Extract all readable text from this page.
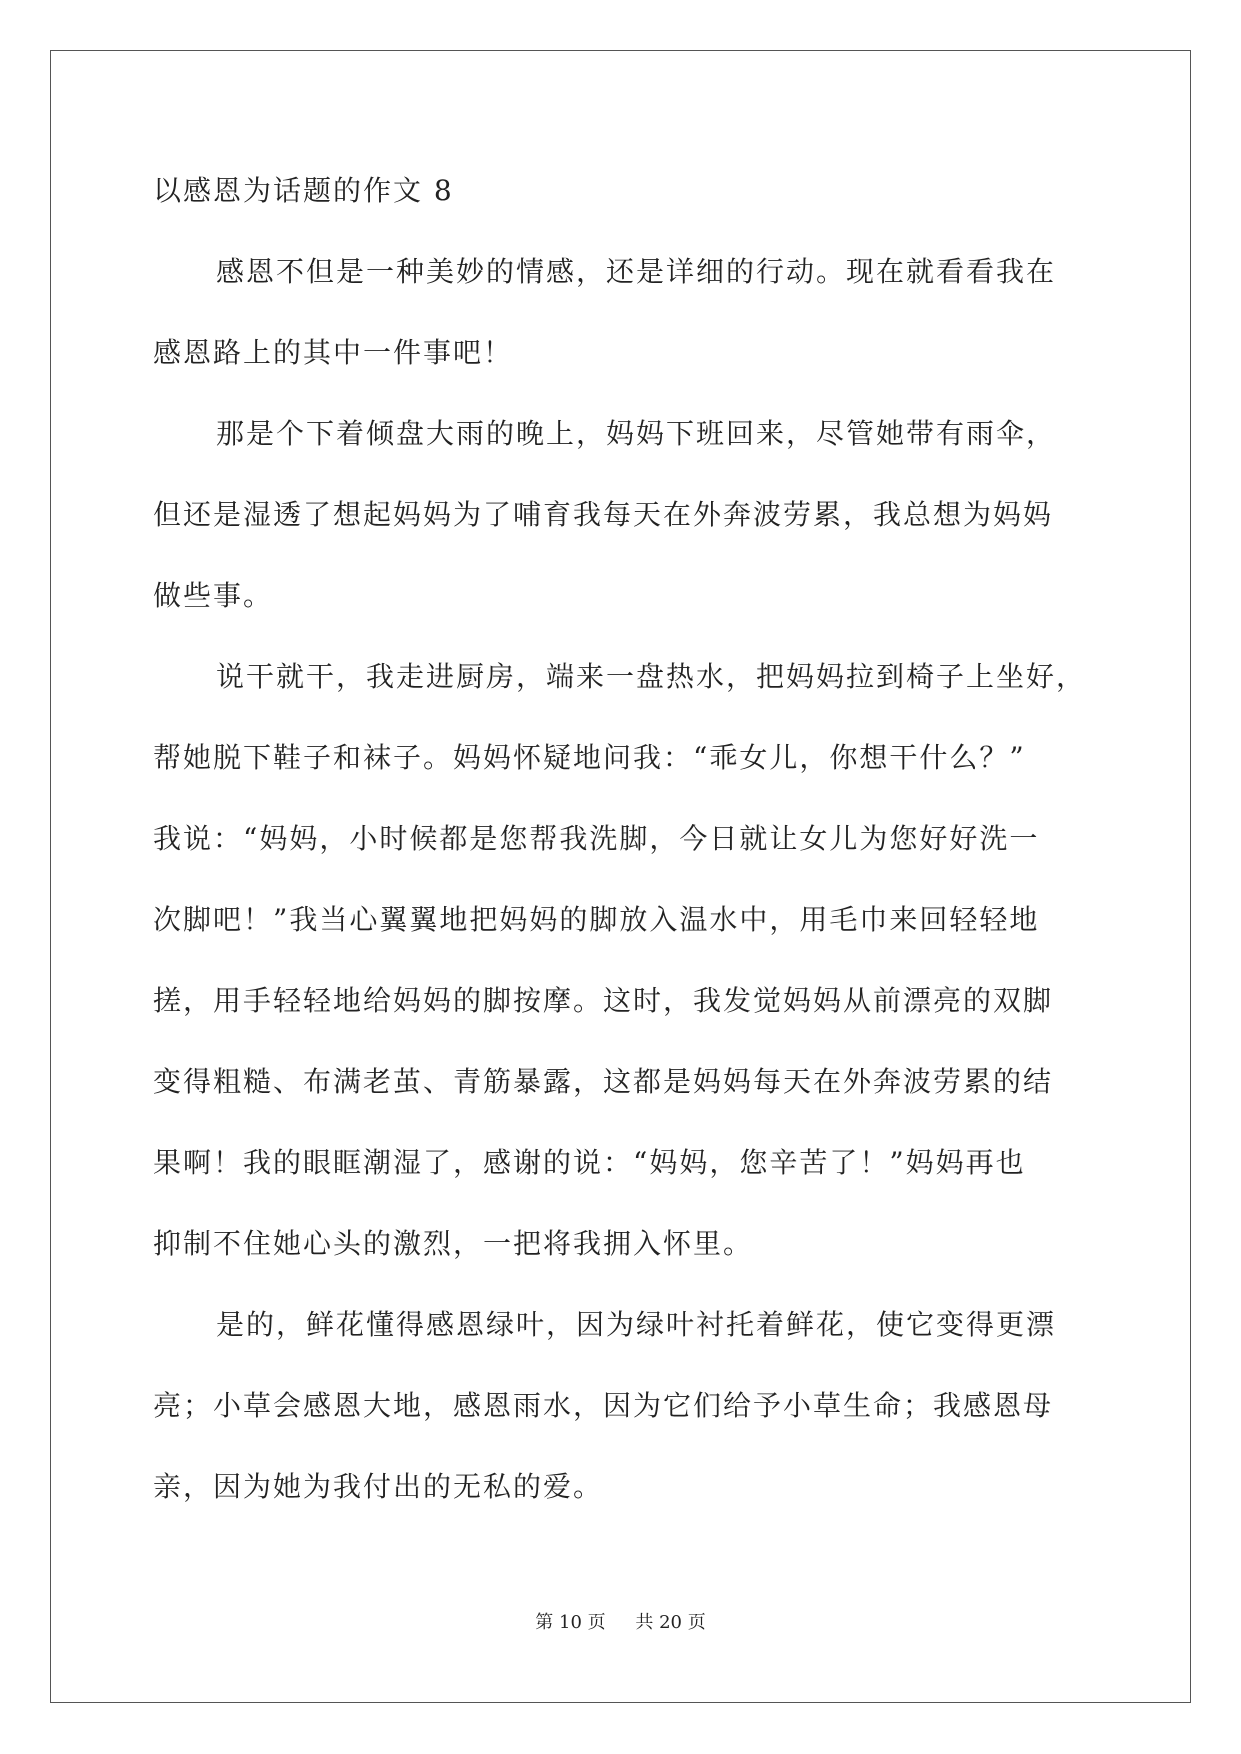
以感恩为话题的作文 8
感恩不但是一种美妙的情感，还是详细的行动。现在就看看我在
感恩路上的其中一件事吧！
那是个下着倾盘大雨的晚上，妈妈下班回来，尽管她带有雨伞，
但还是湿透了想起妈妈为了哺育我每天在外奔波劳累，我总想为妈妈
做些事。
说干就干，我走进厨房，端来一盘热水，把妈妈拉到椅子上坐好，
帮她脱下鞋子和袜子。妈妈怀疑地问我：“乖女儿，你想干什么？”
我说：“妈妈，小时候都是您帮我洗脚，今日就让女儿为您好好洗一
次脚吧！”我当心翼翼地把妈妈的脚放入温水中，用毛巾来回轻轻地
搓，用手轻轻地给妈妈的脚按摩。这时，我发觉妈妈从前漂亮的双脚
变得粗糙、布满老茧、青筋暴露，这都是妈妈每天在外奔波劳累的结
果啊！我的眼眶潮湿了，感谢的说：“妈妈，您辛苦了！”妈妈再也
抑制不住她心头的激烈，一把将我拥入怀里。
是的，鲜花懂得感恩绿叶，因为绿叶衬托着鲜花，使它变得更漂
亮；小草会感恩大地，感恩雨水，因为它们给予小草生命；我感恩母
亲，因为她为我付出的无私的爱。
第 10 页 共 20 页
